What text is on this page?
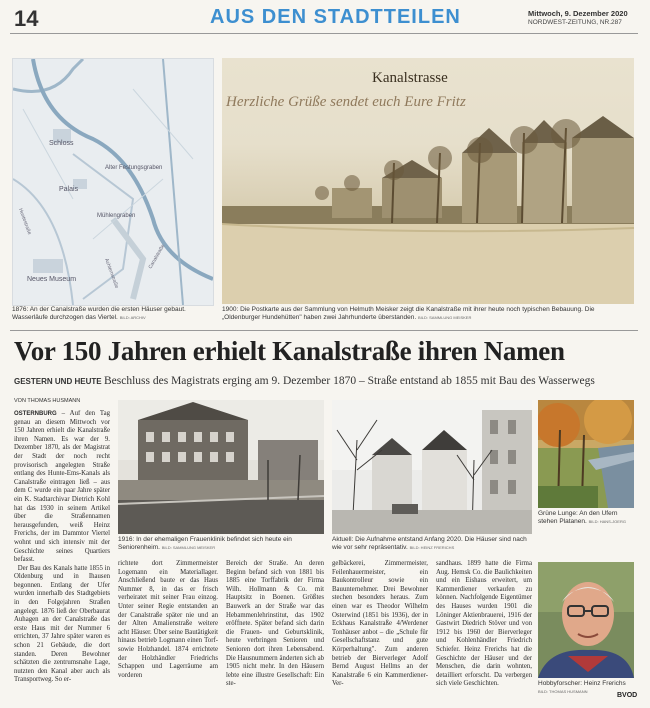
14	AUS DEN STADTTEILEN	Mittwoch, 9. Dezember 2020
NORDWEST-ZEITUNG, NR.287
Schloss
Palais
Alter Festungsgraben
Mühlengraben
Neues Museum
Huntestraße
Canalstraße
Achternstraße
Kanalstrasse
Herzliche Grüße sendet euch Eure Fritz
1876: An der Canalstraße wurden die ersten Häuser gebaut. Wasserläufe durchzogen das Viertel. BILD: ARCHIV
1900: Die Postkarte aus der Sammlung von Helmuth Meisker zeigt die Kanalstraße mit ihrer heute noch typischen Bebauung. Die „Oldenburger Hundehütten" haben zwei Jahrhunderte überstanden. BILD: SAMMLUNG MEISKER
Vor 150 Jahren erhielt Kanalstraße ihren Namen
GESTERN UND HEUTE Beschluss des Magistrats erging am 9. Dezember 1870 – Straße entstand ab 1855 mit Bau des Wasserwegs
VON THOMAS HUSMANN
OSTERNBURG – Auf den Tag genau an diesem Mittwoch vor 150 Jahren erhielt die Kanalstraße ihren Namen. Es war der 9. Dezember 1870, als der Magistrat der Stadt der noch recht provisorisch angelegten Straße entlang des Hunte-Ems-Kanals als Canalstraße eintragen ließ – aus dem C wurde ein paar Jahre später ein K. Stadtarchivar Dietrich Kohl hat das 1930 in seinem Artikel über die Straßennamen herausgefunden, weiß Heinz Frerichs, der im Dammtor Viertel wohnt und sich intensiv mit der Geschichte seines Quartiers befasst.
Der Bau des Kanals hatte 1855 in Oldenburg und in Ihausen begonnen. Entlang der Ufer wurden innerhalb des Stadtgebiets in den Folgejahren Straßen angelegt. 1876 ließ der Oberbaurat Auhagen an der Canalstraße das erste Haus mit der Nummer 6 errichten, 37 Jahre später waren es schon 21 Gebäude, die dort standen. Deren Bewohner schätzten die zentrumsnahe Lage, nutzten den Kanal aber auch als Transportweg. So er-
1916: In der ehemaligen Frauenklinik befindet sich heute ein Seniorenheim. BILD: SAMMLUNG MEISKER
richtete dort Zimmermeister Logemann ein Materiallager. Anschließend baute er das Haus Nummer 8, in das er frisch verheiratet mit seiner Frau einzog. Unter seiner Regie entstanden an der Canalstraße später nie und an der Alten Amalienstraße weitere acht Häuser. Über seine Bautätigkeit hinaus betrieb Logmann einen Torf- sowie Holzhandel. 1874 errichtete der Holzhändler Friedrichs Schappen und Lagerräume am vorderen
Bereich der Straße. An deren Beginn befand sich von 1881 bis 1885 eine Torffabrik der Firma Wilh. Hollmann & Co. mit Hauptsitz in Boenen. Größtes Bauwerk an der Straße war das Hebammenlehrinstitut, das 1902 eröffnete. Später befand sich darin die Frauen- und Geburtsklinik, heute verbringen Senioren und Senioren dort ihren Lebensabend. Die Hausnummern änderten sich ab 1905 nicht mehr. In den Häusern lebte eine illustre Gesellschaft: Ein ste-
Aktuell: Die Aufnahme entstand Anfang 2020. Die Häuser sind nach wie vor sehr repräsentativ. BILD: HEINZ FRERICHS
gelbäckerei, Zimmermeister, Feilenhauermeister, ein Baukontrolleur sowie ein Bauunternehmer. Drei Bewohner stechen besonders heraus. Zum einen war es Theodor Wilhelm Osterwind (1851 bis 1936), der in Eckhaus Kanalstraße 4/Werdener Tonhäuser anbot – die „Schule für Gesellschaftstanz und gute Körperhaltung". Zum anderen betrieb der Bierverleger Adolf Bernd August Hellms an der Kanalstraße 6 ein Kammerdiener-Ver-
sandhaus. 1899 hatte die Firma Aug. Hemsk Co. die Baulichkeiten und ein Eishaus erweitert, um Kammerdiener verkaufen zu können. Nachfolgende Eigentümer des Hauses wurden 1901 die Löninger Aktienbrauerei, 1916 der Gastwirt Diedrich Stöver und von 1912 bis 1960 der Bierverleger und Kohlenhändler Friedrich Schiefer. Heinz Frerichs hat die Geschichte der Häuser und der Menschen, die darin wohnten, detailliert erforscht. Da verbergen sich viele Geschichten.
Grüne Lunge: An den Ufern stehen Platanen. BILD: HANS-JOERG
Hobbyforscher: Heinz Frerichs BILD: THOMAS HUSMANN
BVOD
